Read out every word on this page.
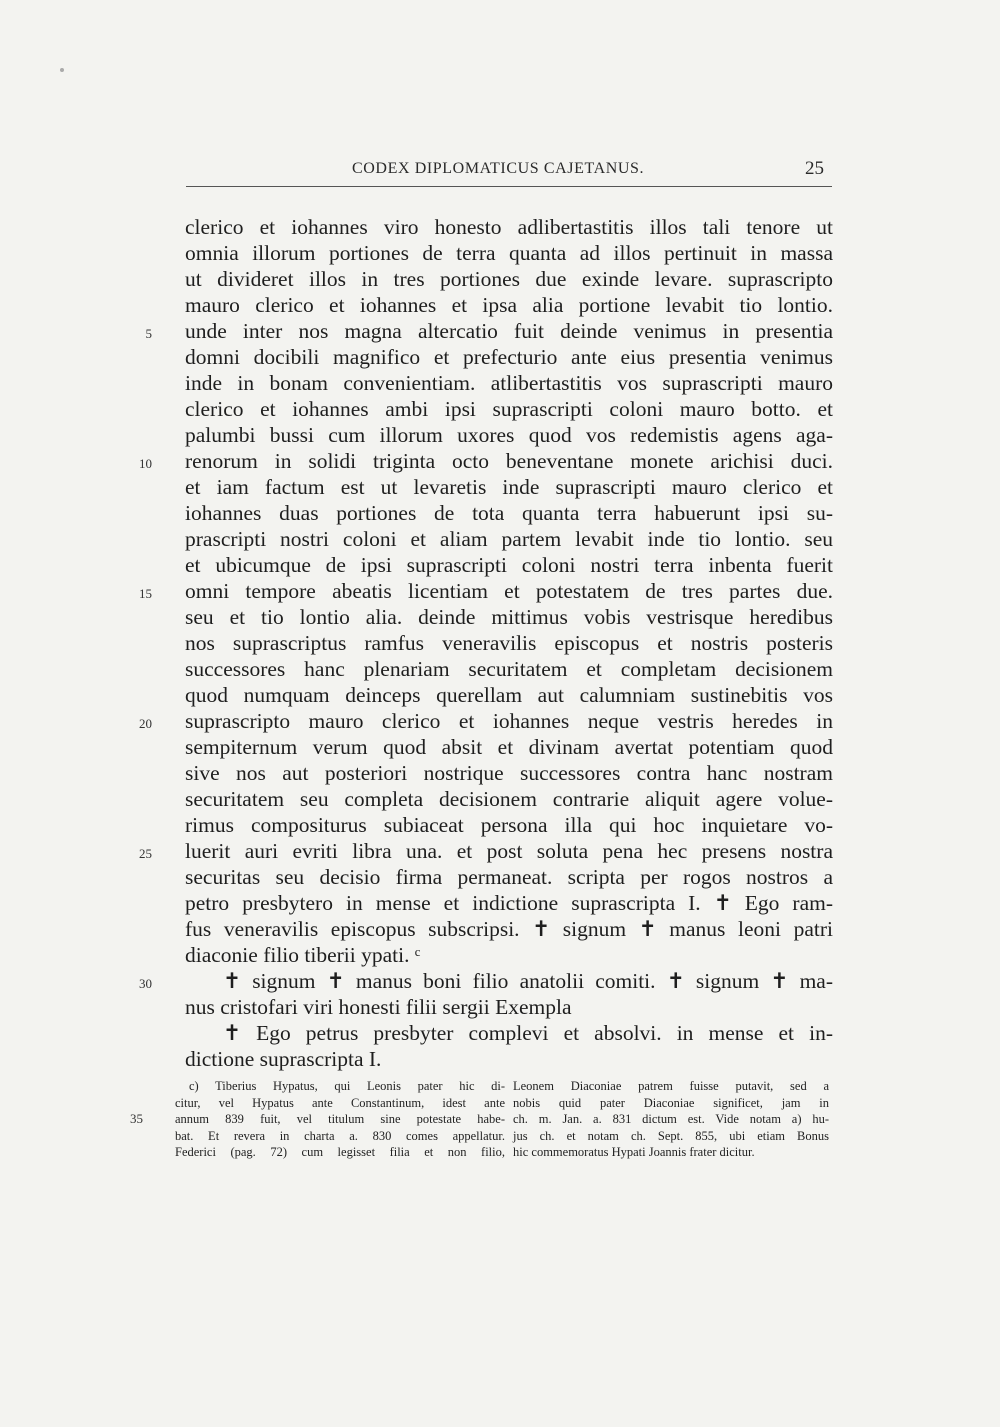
CODEX DIPLOMATICUS CAJETANUS.	25
5
10
15
20
25
30
clerico et iohannes viro honesto adlibertastitis illos tali tenore ut
omnia illorum portiones de terra quanta ad illos pertinuit in massa
ut divideret illos in tres portiones due exinde levare. suprascripto
mauro clerico et iohannes et ipsa alia portione levabit tio lontio.
unde inter nos magna altercatio fuit deinde venimus in presentia
domni docibili magnifico et prefecturio ante eius presentia venimus
inde in bonam convenientiam. atlibertastitis vos suprascripti mauro
clerico et iohannes ambi ipsi suprascripti coloni mauro botto. et
palumbi bussi cum illorum uxores quod vos redemistis agens aga-
renorum in solidi triginta octo beneventane monete arichisi duci.
et iam factum est ut levaretis inde suprascripti mauro clerico et
iohannes duas portiones de tota quanta terra habuerunt ipsi su-
prascripti nostri coloni et aliam partem levabit inde tio lontio. seu
et ubicumque de ipsi suprascripti coloni nostri terra inbenta fuerit
omni tempore abeatis licentiam et potestatem de tres partes due.
seu et tio lontio alia. deinde mittimus vobis vestrisque heredibus
nos suprascriptus ramfus veneravilis episcopus et nostris posteris
successores hanc plenariam securitatem et completam decisionem
quod numquam deinceps querellam aut calumniam sustinebitis vos
suprascripto mauro clerico et iohannes neque vestris heredes in
sempiternum verum quod absit et divinam avertat potentiam quod
sive nos aut posteriori nostrique successores contra hanc nostram
securitatem seu completa decisionem contrarie aliquit agere volue-
rimus compositurus subiaceat persona illa qui hoc inquietare vo-
luerit auri evriti libra una. et post soluta pena hec presens nostra
securitas seu decisio firma permaneat. scripta per rogos nostros a
petro presbytero in mense et indictione suprascripta I. ✝ Ego ram-
fus veneravilis episcopus subscripsi. ✝ signum ✝ manus leoni patri
diaconie filio tiberii ypati. ᶜ
✝ signum ✝ manus boni filio anatolii comiti. ✝ signum ✝ ma-
nus cristofari viri honesti filii sergii Exempla
✝ Ego petrus presbyter complevi et absolvi. in mense et in-
dictione suprascripta I.
35
c) Tiberius Hypatus, qui Leonis pater hic di-
citur, vel Hypatus ante Constantinum, idest ante
annum 839 fuit, vel titulum sine potestate habe-
bat. Et revera in charta a. 830 comes appellatur.
Federici (pag. 72) cum legisset filia et non filio,
Leonem Diaconiae patrem fuisse putavit, sed a
nobis quid pater Diaconiae significet, jam in
ch. m. Jan. a. 831 dictum est. Vide notam a) hu-
jus ch. et notam ch. Sept. 855, ubi etiam Bonus
hic commemoratus Hypati Joannis frater dicitur.
